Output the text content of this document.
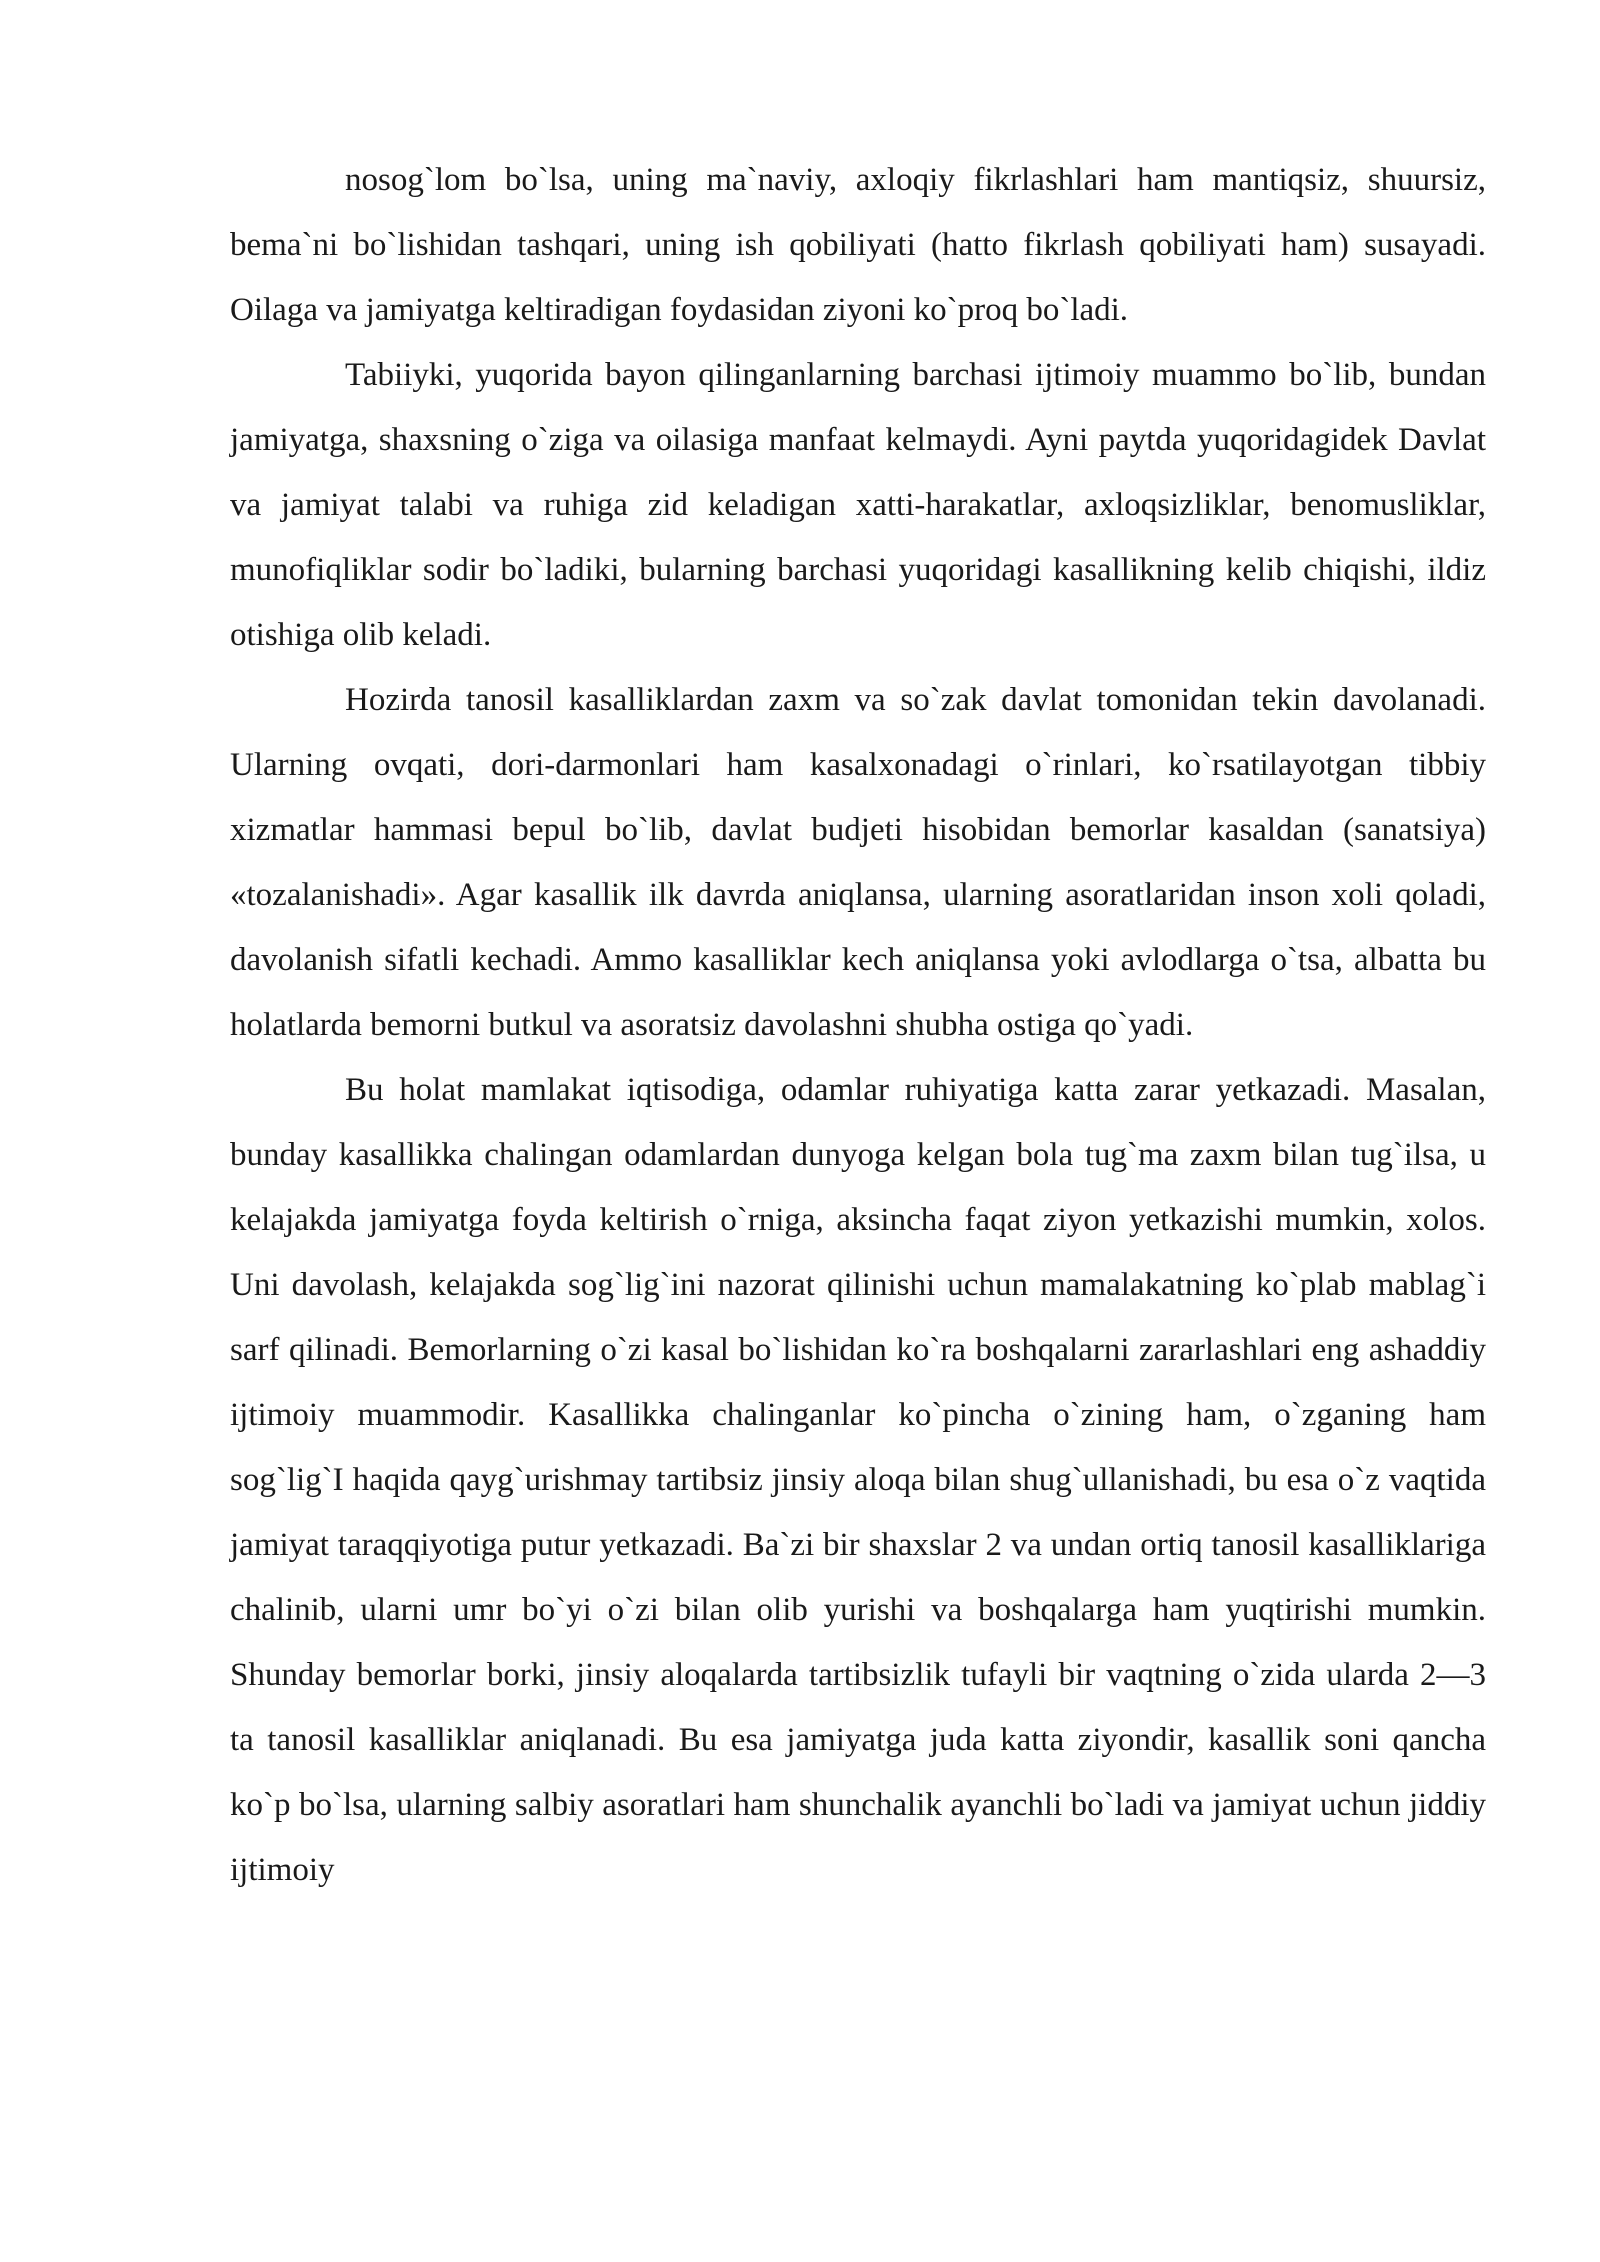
nosog`lom bo`lsa, uning ma`naviy, axloqiy fikrlashlari ham mantiqsiz, shuursiz, bema`ni bo`lishidan tashqari, uning ish qobiliyati (hatto fikrlash qobiliyati ham) susayadi. Oilaga va jamiyatga keltiradigan foydasidan ziyoni ko`proq bo`ladi.

Tabiiyki, yuqorida bayon qilinganlarning barchasi ijtimoiy muammo bo`lib, bundan jamiyatga, shaxsning o`ziga va oilasiga manfaat kelmaydi. Ayni paytda yuqoridagidek Davlat va jamiyat talabi va ruhiga zid keladigan xatti-harakatlar, axloqsizliklar, benomusliklar, munofiqliklar sodir bo`ladiki, bularning barchasi yuqoridagi kasallikning kelib chiqishi, ildiz otishiga olib keladi.

Hozirda tanosil kasalliklardan zaxm va so`zak davlat tomonidan tekin davolanadi. Ularning ovqati, dori-darmonlari ham kasalxonadagi o`rinlari, ko`rsatilayotgan tibbiy xizmatlar hammasi bepul bo`lib, davlat budjeti hisobidan bemorlar kasaldan (sanatsiya) «tozalanishadi». Agar kasallik ilk davrda aniqlansa, ularning asoratlaridan inson xoli qoladi, davolanish sifatli kechadi. Ammo kasalliklar kech aniqlansa yoki avlodlarga o`tsa, albatta bu holatlarda bemorni butkul va asoratsiz davolashni shubha ostiga qo`yadi.

Bu holat mamlakat iqtisodiga, odamlar ruhiyatiga katta zarar yetkazadi. Masalan, bunday kasallikka chalingan odamlardan dunyoga kelgan bola tug`ma zaxm bilan tug`ilsa, u kelajakda jamiyatga foyda keltirish o`rniga, aksincha faqat ziyon yetkazishi mumkin, xolos. Uni davolash, kelajakda sog`lig`ini nazorat qilinishi uchun mamalakatning ko`plab mablag`i sarf qilinadi. Bemorlarning o`zi kasal bo`lishidan ko`ra boshqalarni zararlashlari eng ashaddiy ijtimoiy muammodir. Kasallikka chalinganlar ko`pincha o`zining ham, o`zganing ham sog`lig`I haqida qayg`urishmay tartibsiz jinsiy aloqa bilan shug`ullanishadi, bu esa o`z vaqtida jamiyat taraqqiyotiga putur yetkazadi. Ba`zi bir shaxslar 2 va undan ortiq tanosil kasalliklariga chalinib, ularni umr bo`yi o`zi bilan olib yurishi va boshqalarga ham yuqtirishi mumkin. Shunday bemorlar borki, jinsiy aloqalarda tartibsizlik tufayli bir vaqtning o`zida ularda 2—3 ta tanosil kasalliklar aniqlanadi. Bu esa jamiyatga juda katta ziyondir, kasallik soni qancha ko`p bo`lsa, ularning salbiy asoratlari ham shunchalik ayanchli bo`ladi va jamiyat uchun jiddiy ijtimoiy
